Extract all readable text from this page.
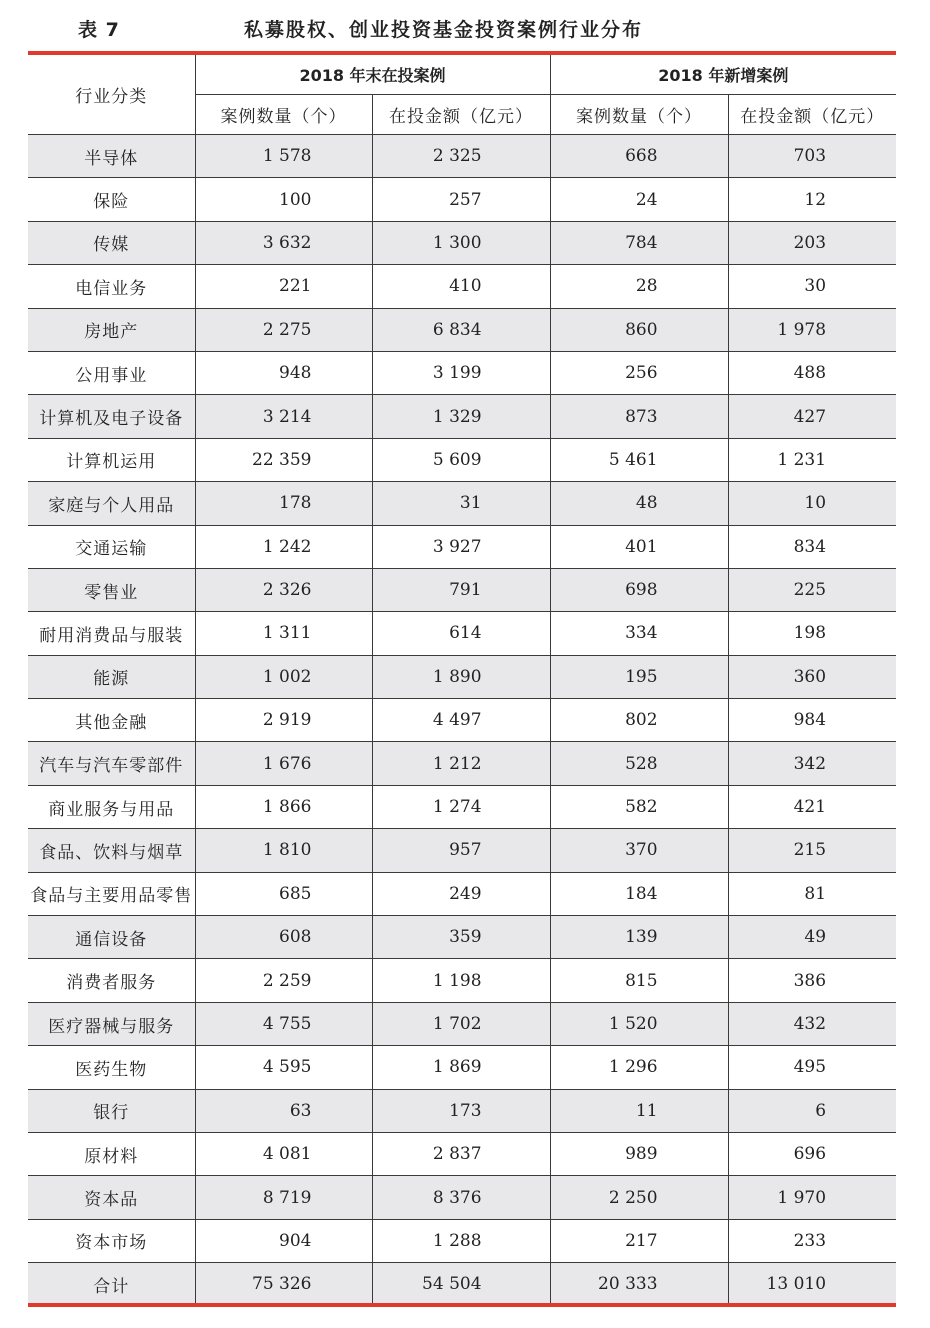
表 7	私募股权、创业投资基金投资案例行业分布
行业分类	2018 年末在投案例		2018 年新增案例	
	案例数量（个）	在投金额（亿元）	案例数量（个）	在投金额（亿元）
半导体	1 578	2 325	668	703
保险	100	257	24	12
传媒	3 632	1 300	784	203
电信业务	221	410	28	30
房地产	2 275	6 834	860	1 978
公用事业	948	3 199	256	488
计算机及电子设备	3 214	1 329	873	427
计算机运用	22 359	5 609	5 461	1 231
家庭与个人用品	178	31	48	10
交通运输	1 242	3 927	401	834
零售业	2 326	791	698	225
耐用消费品与服装	1 311	614	334	198
能源	1 002	1 890	195	360
其他金融	2 919	4 497	802	984
汽车与汽车零部件	1 676	1 212	528	342
商业服务与用品	1 866	1 274	582	421
食品、饮料与烟草	1 810	957	370	215
食品与主要用品零售	685	249	184	81
通信设备	608	359	139	49
消费者服务	2 259	1 198	815	386
医疗器械与服务	4 755	1 702	1 520	432
医药生物	4 595	1 869	1 296	495
银行	63	173	11	6
原材料	4 081	2 837	989	696
资本品	8 719	8 376	2 250	1 970
资本市场	904	1 288	217	233
合计	75 326	54 504	20 333	13 010
